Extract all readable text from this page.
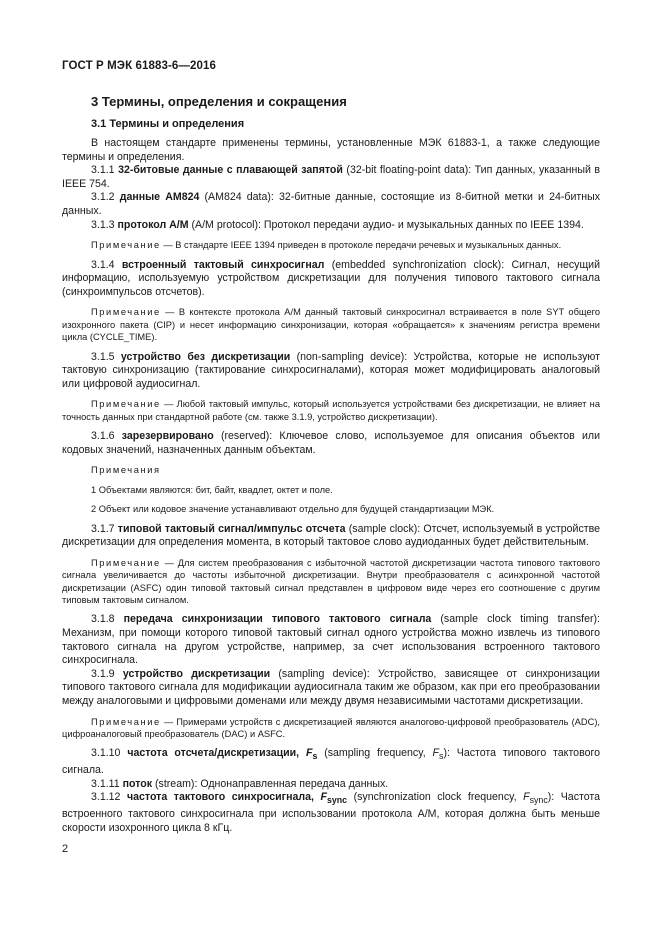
ГОСТ Р МЭК 61883-6—2016
3 Термины, определения и сокращения
3.1 Термины и определения

В настоящем стандарте применены термины, установленные МЭК 61883-1, а также следующие термины и определения.

3.1.1 32-битовые данные с плавающей запятой (32-bit floating-point data): Тип данных, указанный в IEEE 754.

3.1.2 данные AM824 (AM824 data): 32-битные данные, состоящие из 8-битной метки и 24-битных данных.

3.1.3 протокол A/M (A/M protocol): Протокол передачи аудио- и музыкальных данных по IEEE 1394.

Примечание — В стандарте IEEE 1394 приведен в протоколе передачи речевых и музыкальных данных.

3.1.4 встроенный тактовый синхросигнал (embedded synchronization clock): Сигнал, несущий информацию, используемую устройством дискретизации для получения типового тактового сигнала (синхроимпульсов отсчетов).

Примечание — В контексте протокола A/M данный тактовый синхросигнал встраивается в поле SYT общего изохронного пакета (CIP) и несет информацию синхронизации, которая «обращается» к значениям регистра времени цикла (CYCLE_TIME).

3.1.5 устройство без дискретизации (non-sampling device): Устройства, которые не используют тактовую синхронизацию (тактирование синхросигналами), которая может модифицировать аналоговый или цифровой аудиосигнал.

Примечание — Любой тактовый импульс, который используется устройствами без дискретизации, не влияет на точность данных при стандартной работе (см. также 3.1.9, устройство дискретизации).

3.1.6 зарезервировано (reserved): Ключевое слово, используемое для описания объектов или кодовых значений, назначенных данным объектам.

Примечания

1 Объектами являются: бит, байт, квадлет, октет и поле.

2 Объект или кодовое значение устанавливают отдельно для будущей стандартизации МЭК.

3.1.7 типовой тактовый сигнал/импульс отсчета (sample clock): Отсчет, используемый в устройстве дискретизации для определения момента, в который тактовое слово аудиоданных будет действительным.

Примечание — Для систем преобразования с избыточной частотой дискретизации частота типового тактового сигнала увеличивается до частоты избыточной дискретизации. Внутри преобразователя с асинхронной частотой дискретизации (ASFC) один типовой тактовый сигнал представлен в цифровом виде через его соотношение с другим типовым тактовым сигналом.

3.1.8 передача синхронизации типового тактового сигнала (sample clock timing transfer): Механизм, при помощи которого типовой тактовый сигнал одного устройства можно извлечь из типового тактового сигнала на другом устройстве, например, за счет использования встроенного тактового синхросигнала.

3.1.9 устройство дискретизации (sampling device): Устройство, зависящее от синхронизации типового тактового сигнала для модификации аудиосигнала таким же образом, как при его преобразовании между аналоговыми и цифровыми доменами или между двумя независимыми частотами дискретизации.

Примечание — Примерами устройств с дискретизацией являются аналогово-цифровой преобразователь (ADC), цифроаналоговый преобразователь (DAC) и ASFC.

3.1.10 частота отсчета/дискретизации, $F_s$ (sampling frequency, $F_s$): Частота типового тактового сигнала.

3.1.11 поток (stream): Однонаправленная передача данных.

3.1.12 частота тактового синхросигнала, $F_{sync}$ (synchronization clock frequency, $F_{sync}$): Частота встроенного тактового синхросигнала при использовании протокола A/M, которая должна быть меньше скорости изохронного цикла 8 кГц.

2
